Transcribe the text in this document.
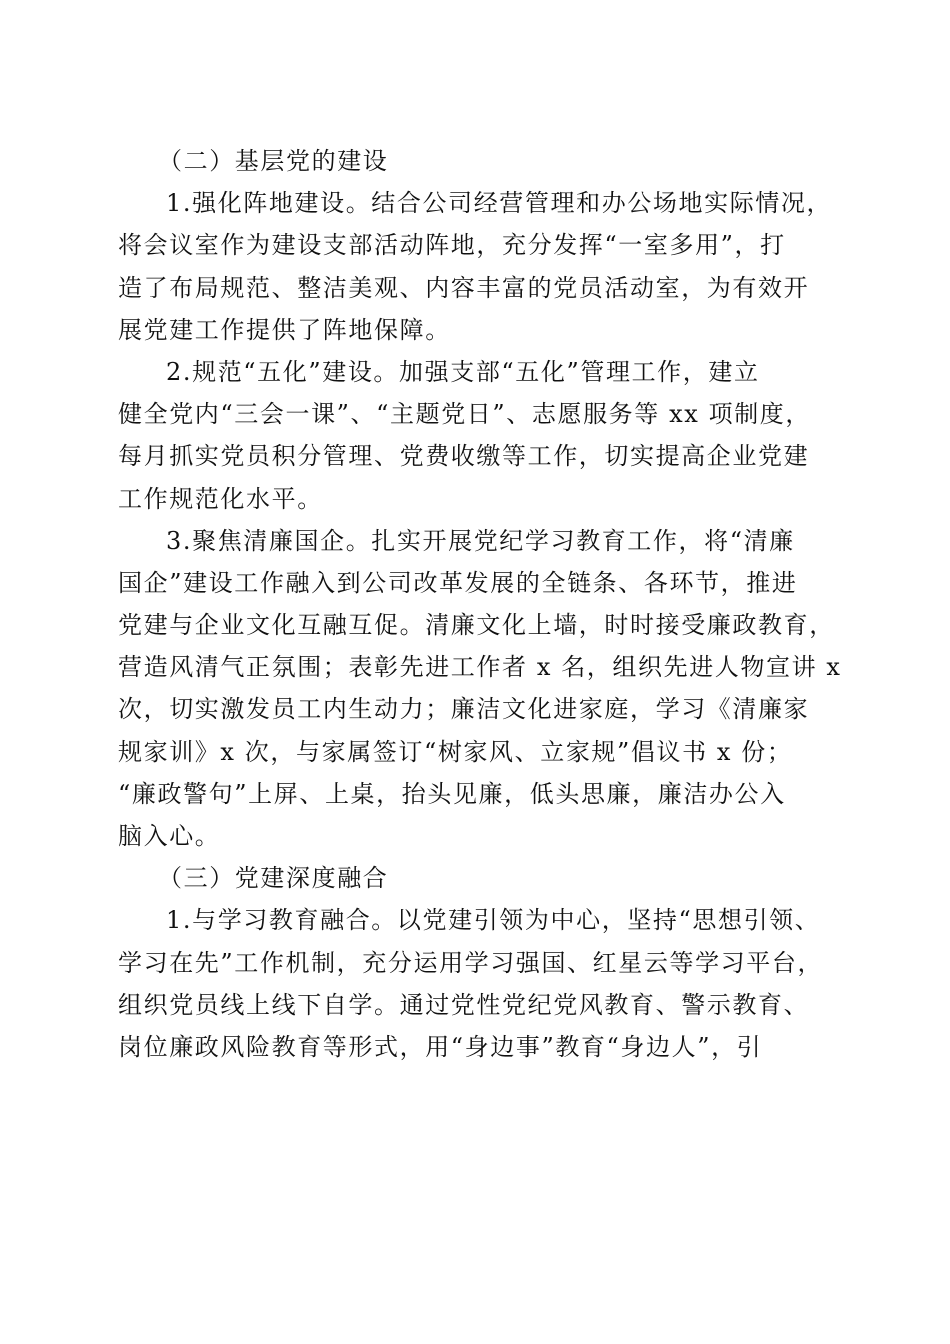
（二）基层党的建设
1.强化阵地建设。结合公司经营管理和办公场地实际情况，
将会议室作为建设支部活动阵地，充分发挥“一室多用”，打
造了布局规范、整洁美观、内容丰富的党员活动室，为有效开
展党建工作提供了阵地保障。
2.规范“五化”建设。加强支部“五化”管理工作，建立
健全党内“三会一课”、“主题党日”、志愿服务等 xx 项制度，
每月抓实党员积分管理、党费收缴等工作，切实提高企业党建
工作规范化水平。
3.聚焦清廉国企。扎实开展党纪学习教育工作，将“清廉
国企”建设工作融入到公司改革发展的全链条、各环节，推进
党建与企业文化互融互促。清廉文化上墙，时时接受廉政教育，
营造风清气正氛围；表彰先进工作者 x 名，组织先进人物宣讲 x
次，切实激发员工内生动力；廉洁文化进家庭，学习《清廉家
规家训》x 次，与家属签订“树家风、立家规”倡议书 x 份；
“廉政警句”上屏、上桌，抬头见廉，低头思廉，廉洁办公入
脑入心。
（三）党建深度融合
1.与学习教育融合。以党建引领为中心，坚持“思想引领、
学习在先”工作机制，充分运用学习强国、红星云等学习平台，
组织党员线上线下自学。通过党性党纪党风教育、警示教育、
岗位廉政风险教育等形式，用“身边事”教育“身边人”，引
